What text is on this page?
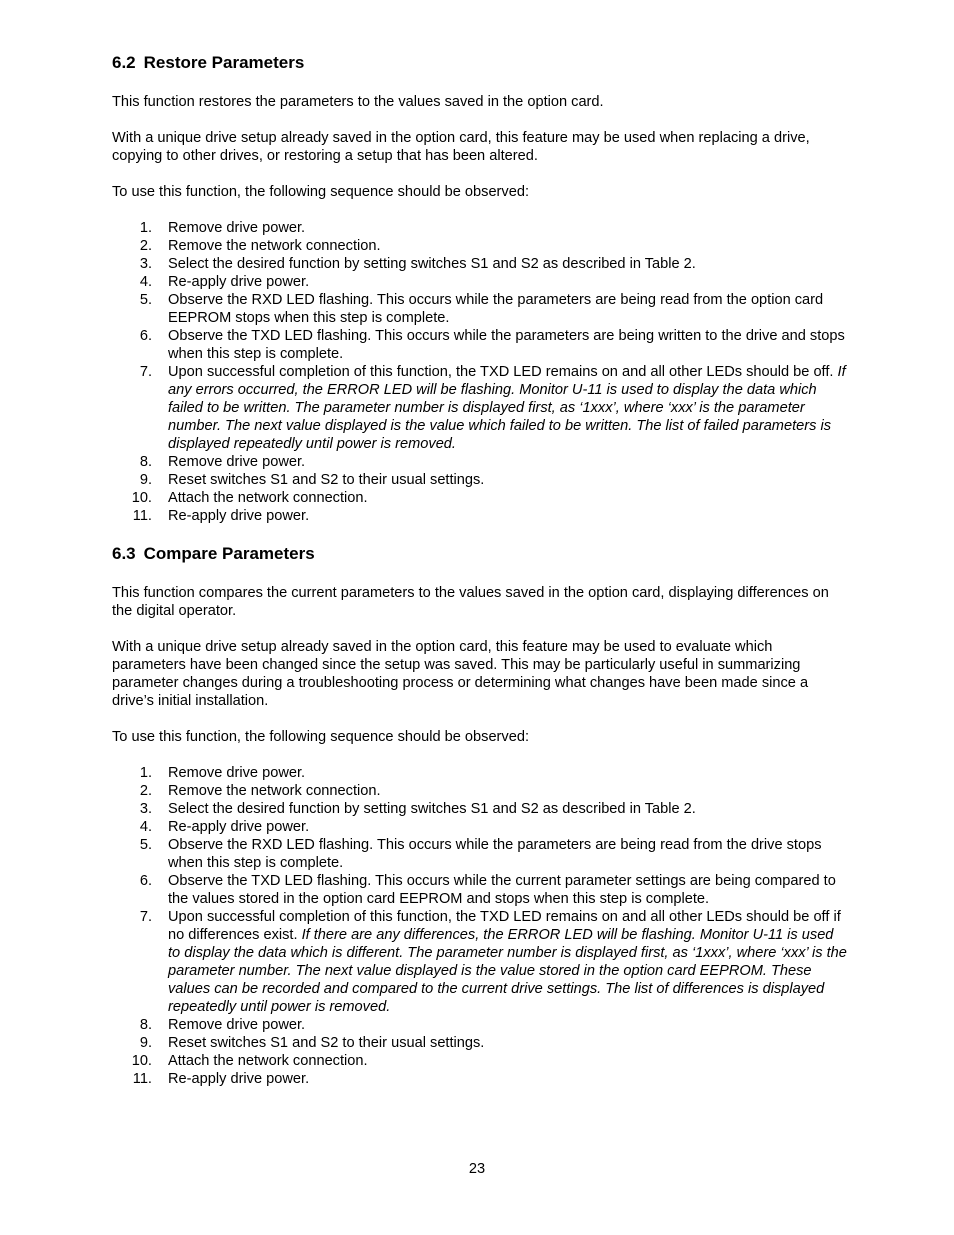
6.2 Restore Parameters

This function restores the parameters to the values saved in the option card.

With a unique drive setup already saved in the option card, this feature may be used when replacing a drive, copying to other drives, or restoring a setup that has been altered.

To use this function, the following sequence should be observed:

1. Remove drive power.
2. Remove the network connection.
3. Select the desired function by setting switches S1 and S2 as described in Table 2.
4. Re-apply drive power.
5. Observe the RXD LED flashing. This occurs while the parameters are being read from the option card EEPROM stops when this step is complete.
6. Observe the TXD LED flashing. This occurs while the parameters are being written to the drive and stops when this step is complete.
7. Upon successful completion of this function, the TXD LED remains on and all other LEDs should be off. If any errors occurred, the ERROR LED will be flashing. Monitor U-11 is used to display the data which failed to be written. The parameter number is displayed first, as ‘1xxx’, where ‘xxx’ is the parameter number. The next value displayed is the value which failed to be written. The list of failed parameters is displayed repeatedly until power is removed.
8. Remove drive power.
9. Reset switches S1 and S2 to their usual settings.
10. Attach the network connection.
11. Re-apply drive power.
6.3 Compare Parameters

This function compares the current parameters to the values saved in the option card, displaying differences on the digital operator.

With a unique drive setup already saved in the option card, this feature may be used to evaluate which parameters have been changed since the setup was saved. This may be particularly useful in summarizing parameter changes during a troubleshooting process or determining what changes have been made since a drive’s initial installation.

To use this function, the following sequence should be observed:

1. Remove drive power.
2. Remove the network connection.
3. Select the desired function by setting switches S1 and S2 as described in Table 2.
4. Re-apply drive power.
5. Observe the RXD LED flashing. This occurs while the parameters are being read from the drive stops when this step is complete.
6. Observe the TXD LED flashing. This occurs while the current parameter settings are being compared to the values stored in the option card EEPROM and stops when this step is complete.
7. Upon successful completion of this function, the TXD LED remains on and all other LEDs should be off if no differences exist. If there are any differences, the ERROR LED will be flashing. Monitor U-11 is used to display the data which is different. The parameter number is displayed first, as ‘1xxx’, where ‘xxx’ is the parameter number. The next value displayed is the value stored in the option card EEPROM. These values can be recorded and compared to the current drive settings. The list of differences is displayed repeatedly until power is removed.
8. Remove drive power.
9. Reset switches S1 and S2 to their usual settings.
10. Attach the network connection.
11. Re-apply drive power.
23
